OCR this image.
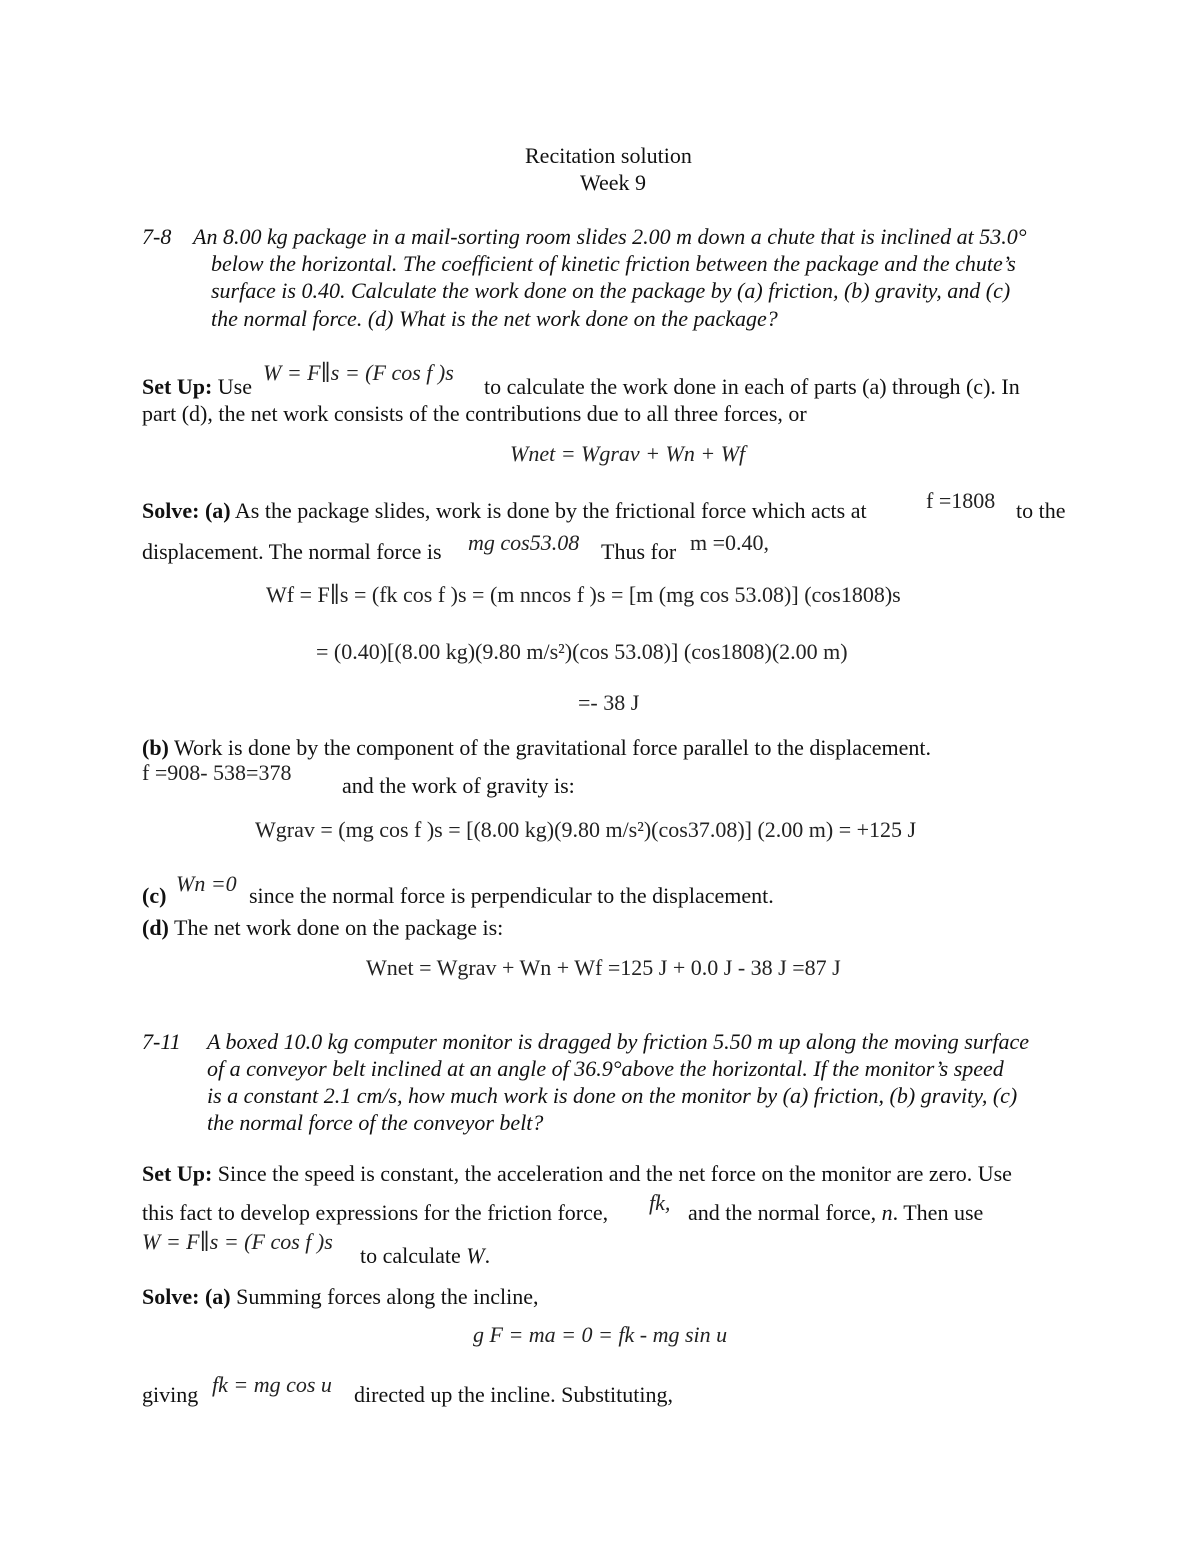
Recitation solution
Week 9
7-8 An 8.00 kg package in a mail-sorting room slides 2.00 m down a chute that is inclined at 53.0°
below the horizontal. The coefficient of kinetic friction between the package and the chute’s
surface is 0.40. Calculate the work done on the package by (a) friction, (b) gravity, and (c)
the normal force. (d) What is the net work done on the package?
Set Up: Use
W = F∥s = (F cos f )s
to calculate the work done in each of parts (a) through (c). In
part (d), the net work consists of the contributions due to all three forces, or
Wnet = Wgrav + Wn + Wf
Solve: (a) As the package slides, work is done by the frictional force which acts at	f =1808 to the
displacement. The normal force is mg cos53.08 Thus for m =0.40,
Wf = F∥s = (fk cos f )s = (m nncos f )s = [m (mg cos 53.08)] (cos1808)s
= (0.40)[(8.00 kg)(9.80 m/s²)(cos 53.08)] (cos1808)(2.00 m)
=- 38 J
(b) Work is done by the component of the gravitational force parallel to the displacement.
f =908- 538=378
and the work of gravity is:
Wgrav = (mg cos f )s = [(8.00 kg)(9.80 m/s²)(cos37.08)] (2.00 m) = +125 J
(c) Wn =0 since the normal force is perpendicular to the displacement.
(d) The net work done on the package is:
Wnet = Wgrav + Wn + Wf =125 J + 0.0 J - 38 J =87 J
7-11 A boxed 10.0 kg computer monitor is dragged by friction 5.50 m up along the moving surface
of a conveyor belt inclined at an angle of 36.9°above the horizontal. If the monitor’s speed
is a constant 2.1 cm/s, how much work is done on the monitor by (a) friction, (b) gravity, (c)
the normal force of the conveyor belt?
Set Up: Since the speed is constant, the acceleration and the net force on the monitor are zero. Use
this fact to develop expressions for the friction force, fk, and the normal force, n. Then use
W = F∥s = (F cos f )s
to calculate W.
Solve: (a) Summing forces along the incline,
g F = ma = 0 = fk - mg sin u
giving fk = mg cos u directed up the incline. Substituting,
